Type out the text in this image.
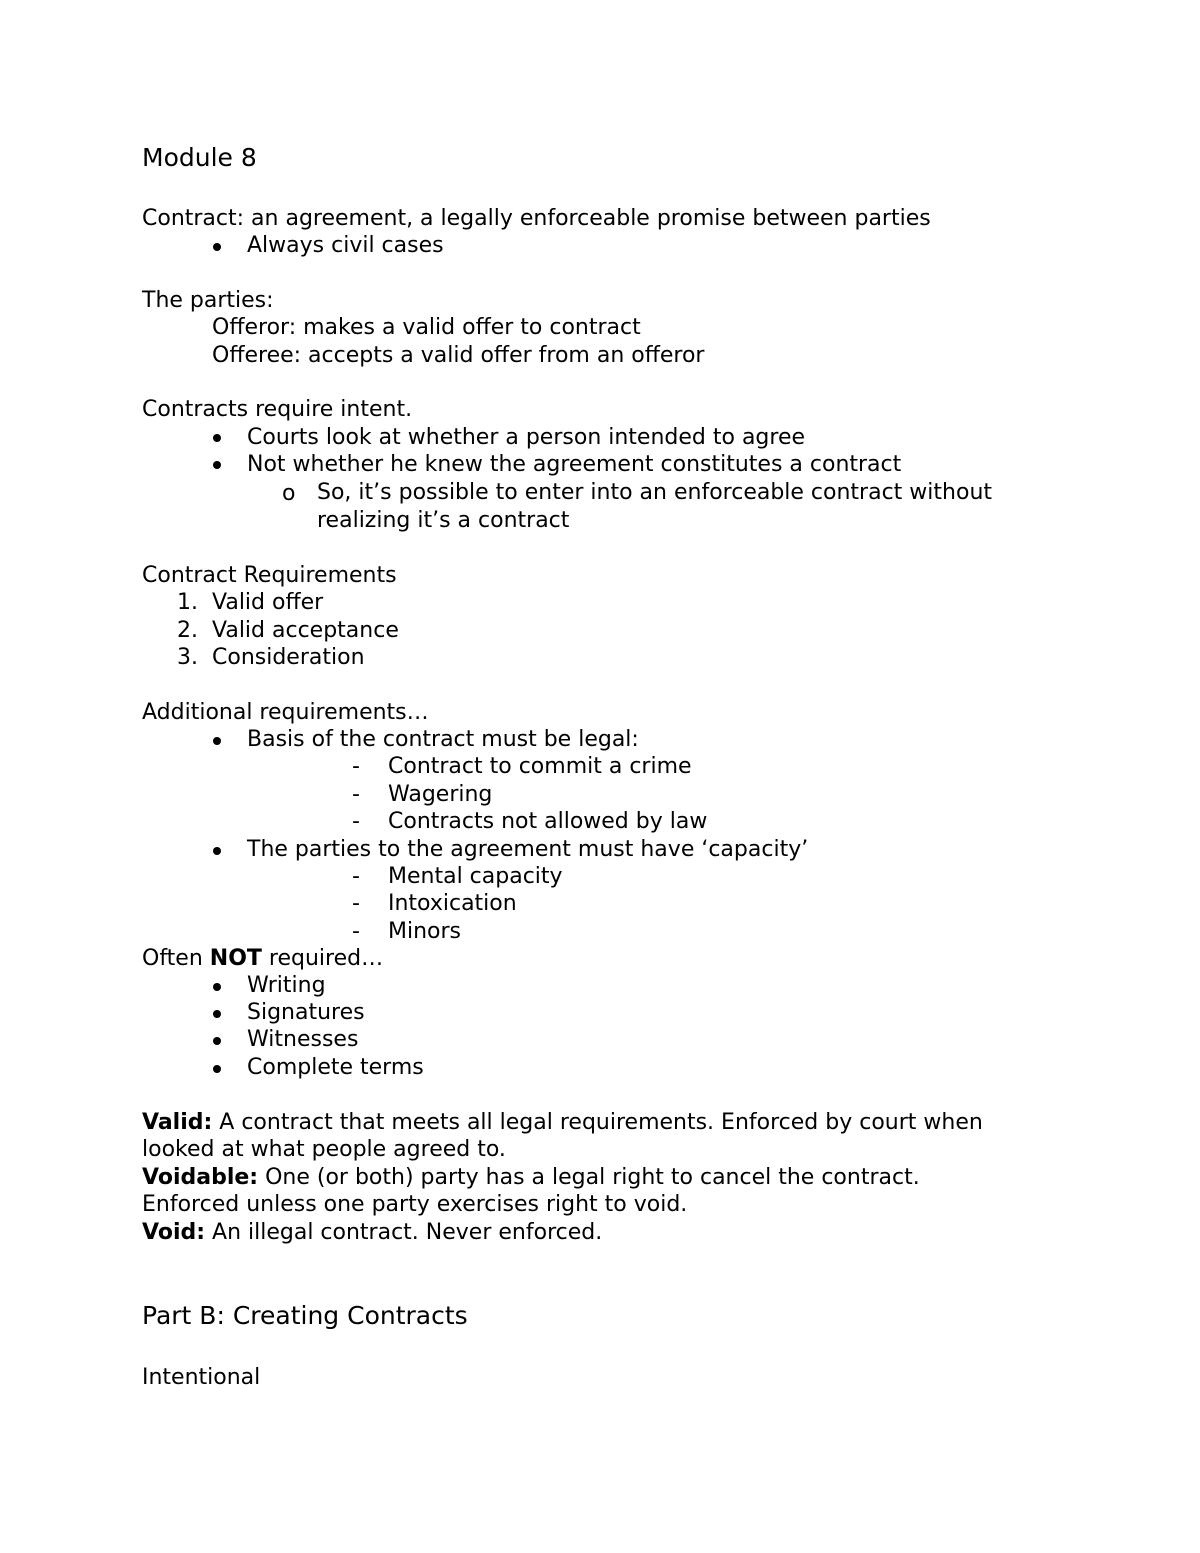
Module 8
Contract: an agreement, a legally enforceable promise between parties
Always civil cases
The parties:
Offeror: makes a valid offer to contract
Offeree: accepts a valid offer from an offeror
Contracts require intent.
Courts look at whether a person intended to agree
Not whether he knew the agreement constitutes a contract
o So, it’s possible to enter into an enforceable contract without
realizing it’s a contract
Contract Requirements
1. Valid offer
2. Valid acceptance
3. Consideration
Additional requirements…
Basis of the contract must be legal:
- Contract to commit a crime
- Wagering
- Contracts not allowed by law
The parties to the agreement must have ‘capacity’
- Mental capacity
- Intoxication
- Minors
Often NOT required…
Writing
Signatures
Witnesses
Complete terms
Valid: A contract that meets all legal requirements. Enforced by court when
looked at what people agreed to.
Voidable: One (or both) party has a legal right to cancel the contract.
Enforced unless one party exercises right to void.
Void: An illegal contract. Never enforced.
Part B: Creating Contracts
Intentional
